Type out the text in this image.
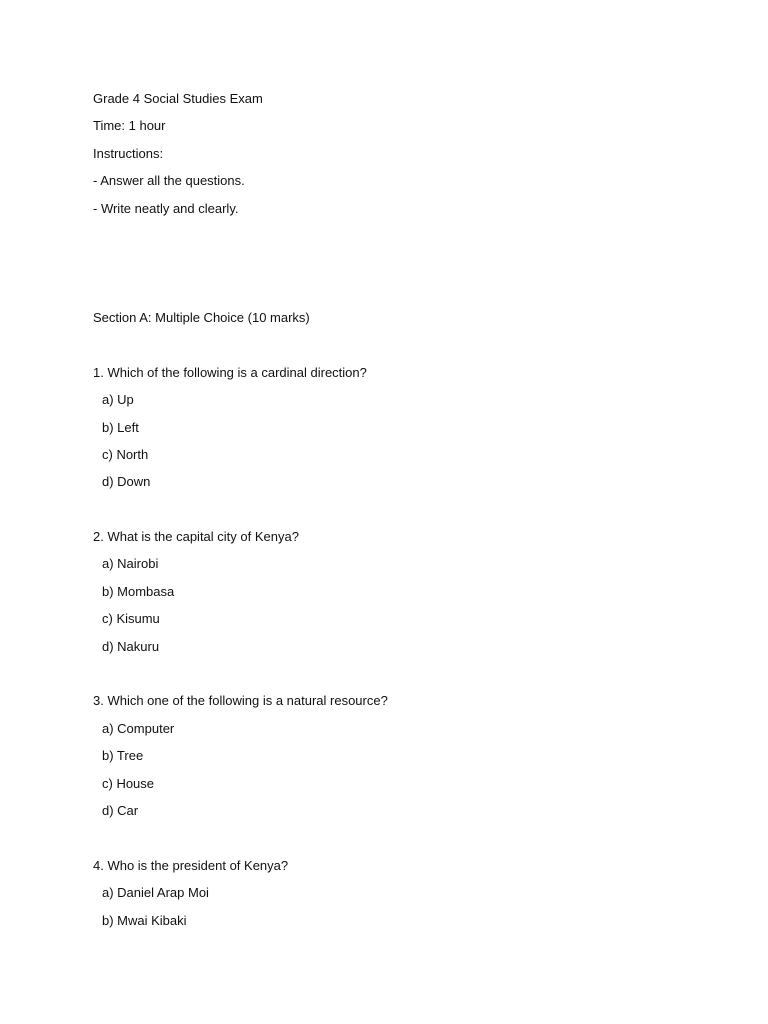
Grade 4 Social Studies Exam
Time: 1 hour
Instructions:
- Answer all the questions.
- Write neatly and clearly.
Section A: Multiple Choice (10 marks)
1. Which of the following is a cardinal direction?
a) Up
b) Left
c) North
d) Down
2. What is the capital city of Kenya?
a) Nairobi
b) Mombasa
c) Kisumu
d) Nakuru
3. Which one of the following is a natural resource?
a) Computer
b) Tree
c) House
d) Car
4. Who is the president of Kenya?
a) Daniel Arap Moi
b) Mwai Kibaki
